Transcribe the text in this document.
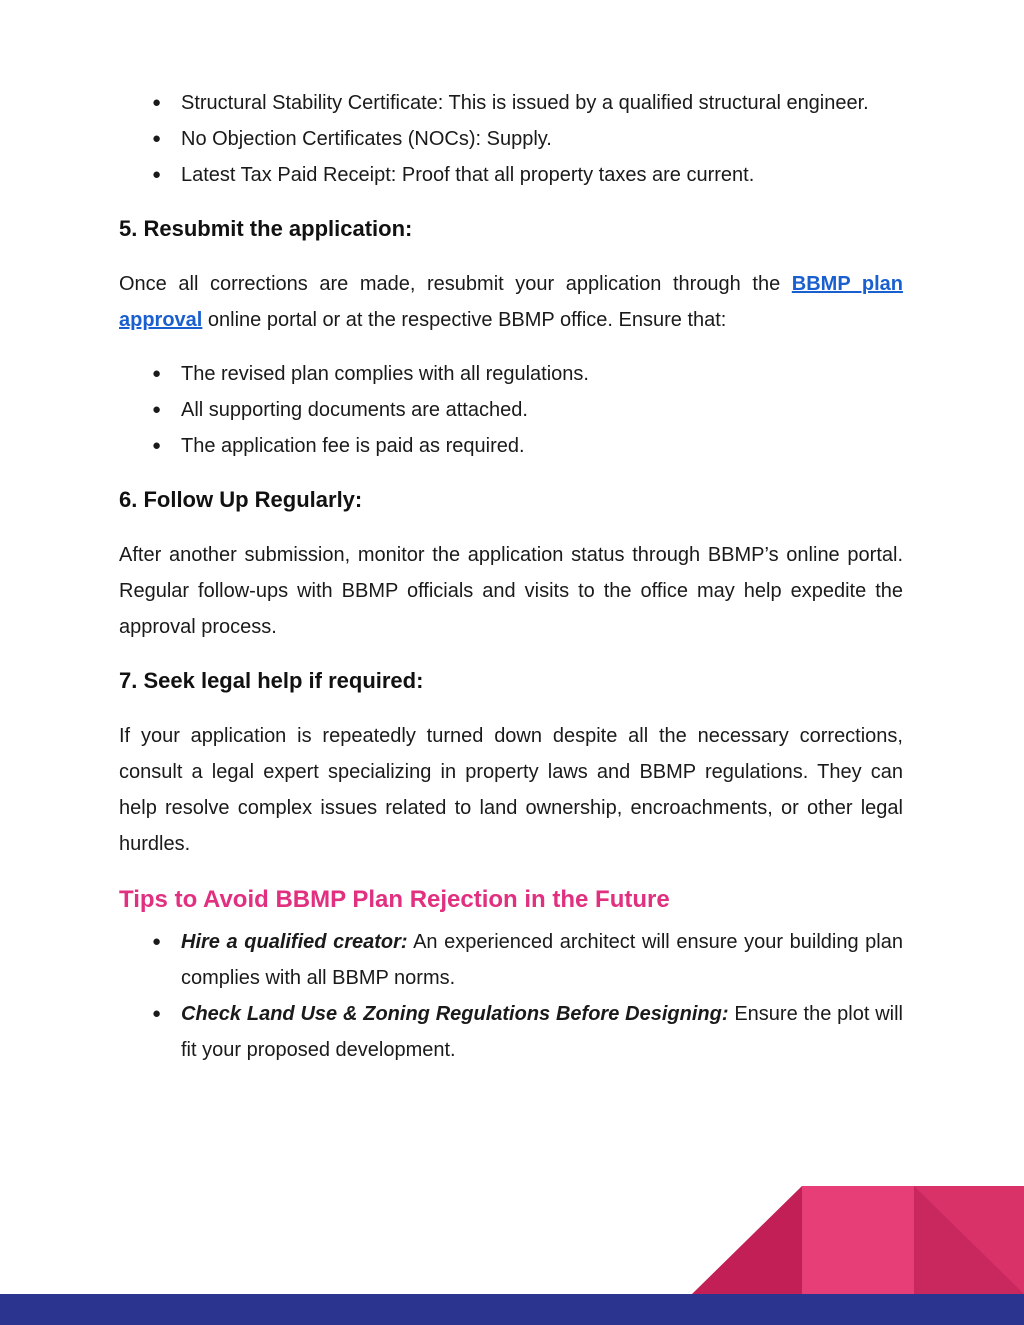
● Structural Stability Certificate: This is issued by a qualified structural engineer.
● No Objection Certificates (NOCs): Supply.
● Latest Tax Paid Receipt: Proof that all property taxes are current.
5. Resubmit the application:

Once all corrections are made, resubmit your application through the BBMP plan approval online portal or at the respective BBMP office. Ensure that:

● The revised plan complies with all regulations.
● All supporting documents are attached.
● The application fee is paid as required.
6. Follow Up Regularly:

After another submission, monitor the application status through BBMP’s online portal. Regular follow-ups with BBMP officials and visits to the office may help expedite the approval process.

7. Seek legal help if required:

If your application is repeatedly turned down despite all the necessary corrections, consult a legal expert specializing in property laws and BBMP regulations. They can help resolve complex issues related to land ownership, encroachments, or other legal hurdles.

Tips to Avoid BBMP Plan Rejection in the Future
● Hire a qualified creator: An experienced architect will ensure your building plan complies with all BBMP norms.
● Check Land Use & Zoning Regulations Before Designing: Ensure the plot will fit your proposed development.
